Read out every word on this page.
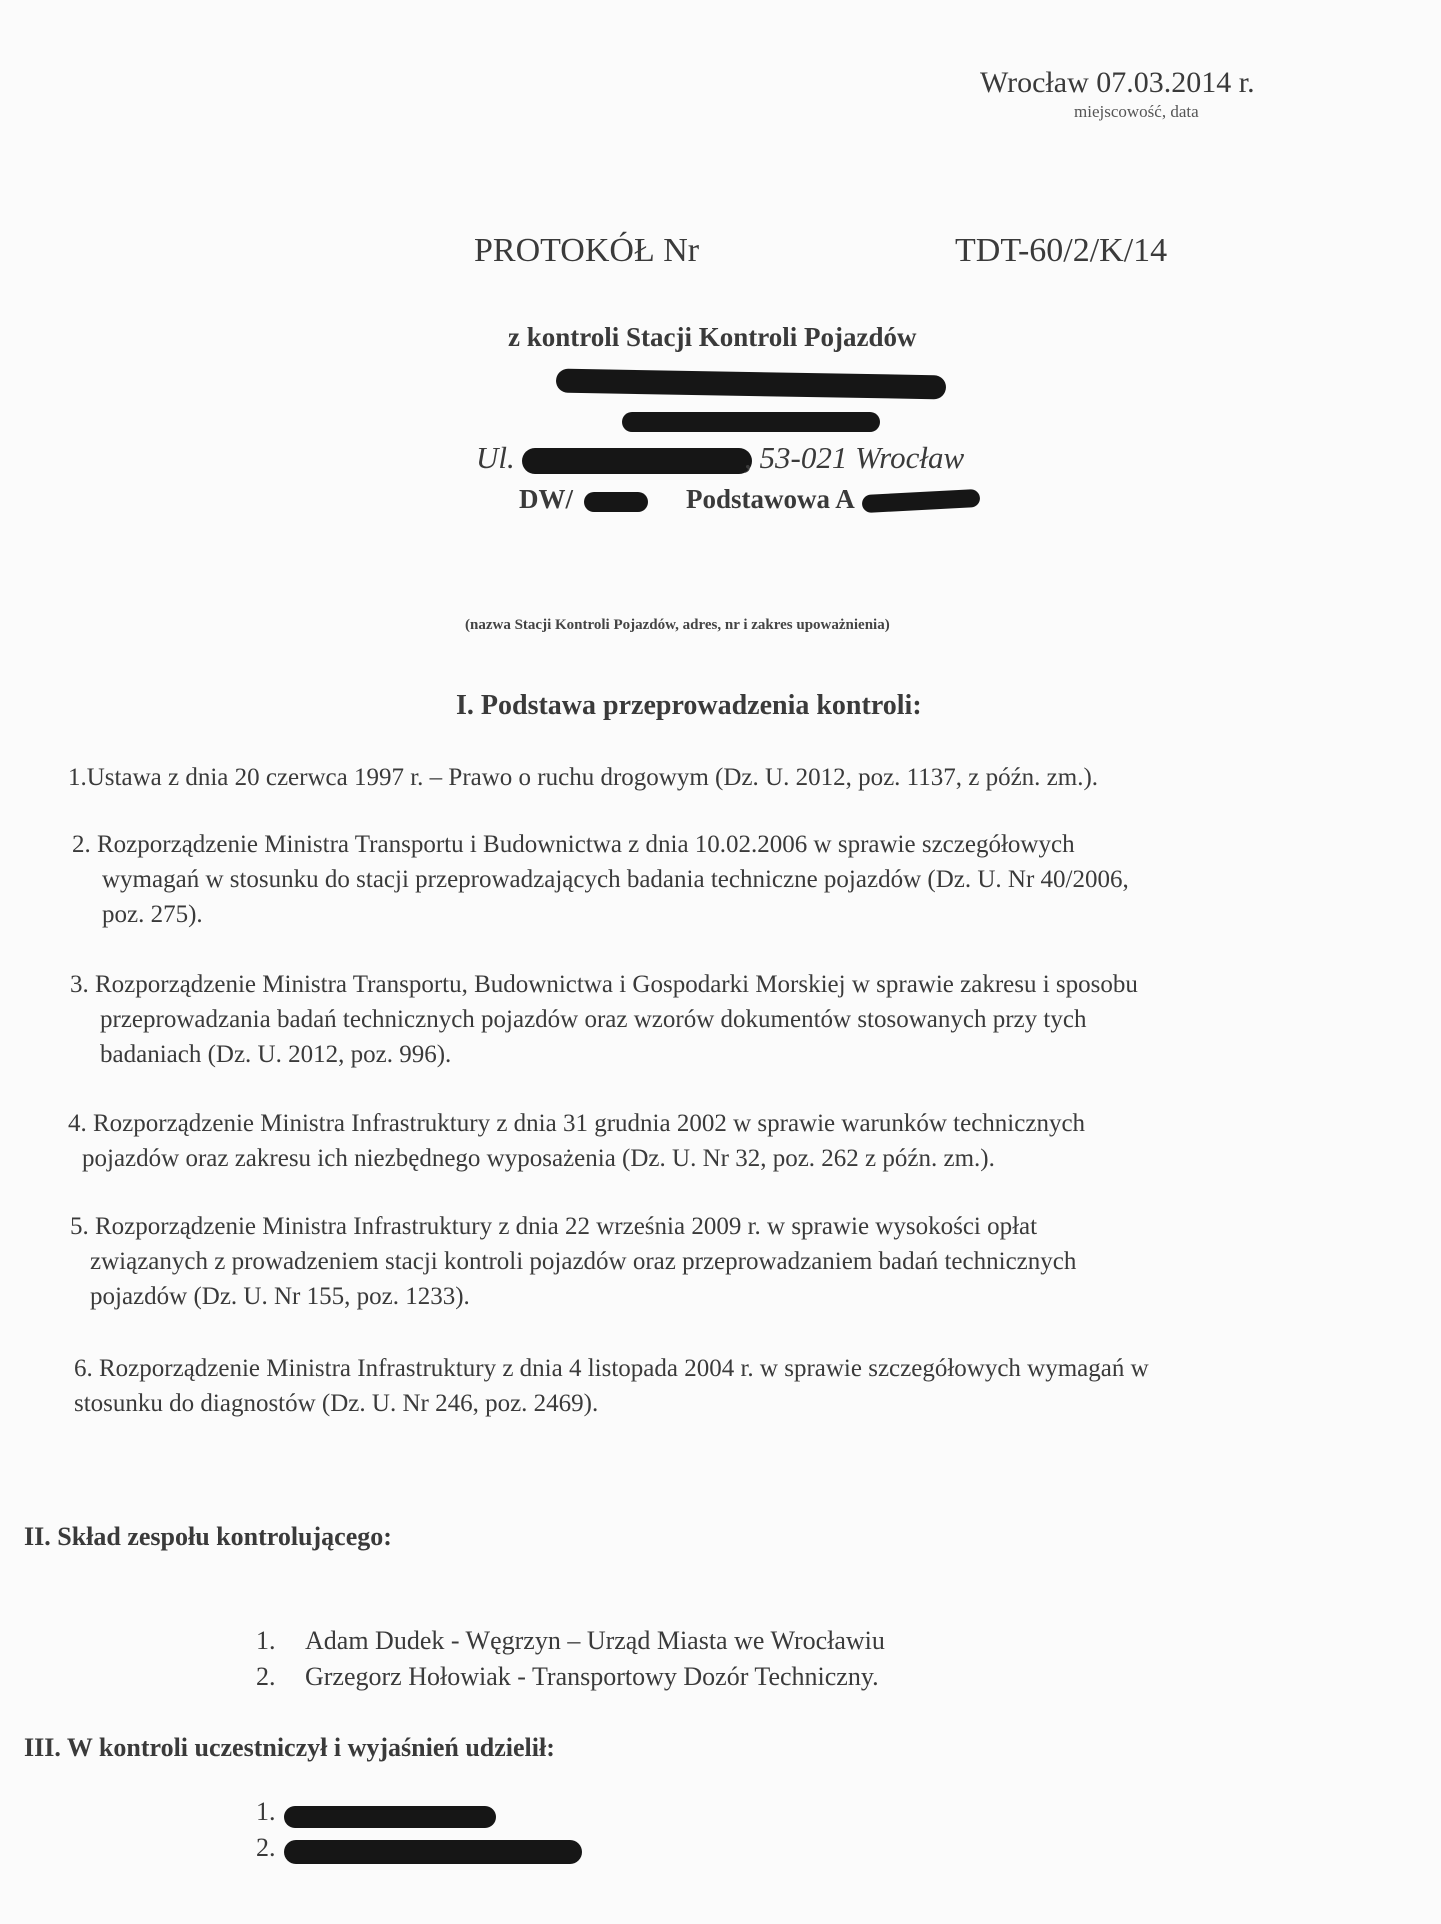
Wrocław 07.03.2014 r.
miejscowość, data
PROTOKÓŁ Nr	TDT-60/2/K/14
z kontroli Stacji Kontroli Pojazdów
Ul.	, 53-021 Wrocław
DW/	Podstawowa A
(nazwa Stacji Kontroli Pojazdów, adres, nr i zakres upoważnienia)
I. Podstawa przeprowadzenia kontroli:
1.Ustawa z dnia 20 czerwca 1997 r. – Prawo o ruchu drogowym (Dz. U. 2012, poz. 1137, z późn. zm.).
2. Rozporządzenie Ministra Transportu i Budownictwa z dnia 10.02.2006 w sprawie szczegółowych
wymagań w stosunku do stacji przeprowadzających badania techniczne pojazdów (Dz. U. Nr 40/2006,
poz. 275).
3. Rozporządzenie Ministra Transportu, Budownictwa i Gospodarki Morskiej w sprawie zakresu i sposobu
przeprowadzania badań technicznych pojazdów oraz wzorów dokumentów stosowanych przy tych
badaniach (Dz. U. 2012, poz. 996).
4. Rozporządzenie Ministra Infrastruktury z dnia 31 grudnia 2002 w sprawie warunków technicznych
pojazdów oraz zakresu ich niezbędnego wyposażenia (Dz. U. Nr 32, poz. 262 z późn. zm.).
5. Rozporządzenie Ministra Infrastruktury z dnia 22 września 2009 r. w sprawie wysokości opłat
związanych z prowadzeniem stacji kontroli pojazdów oraz przeprowadzaniem badań technicznych
pojazdów (Dz. U. Nr 155, poz. 1233).
6. Rozporządzenie Ministra Infrastruktury z dnia 4 listopada 2004 r. w sprawie szczegółowych wymagań w
stosunku do diagnostów (Dz. U. Nr 246, poz. 2469).
II. Skład zespołu kontrolującego:
1. Adam Dudek - Węgrzyn – Urząd Miasta we Wrocławiu
2. Grzegorz Hołowiak - Transportowy Dozór Techniczny.
III. W kontroli uczestniczył i wyjaśnień udzielił:
1.
2.
